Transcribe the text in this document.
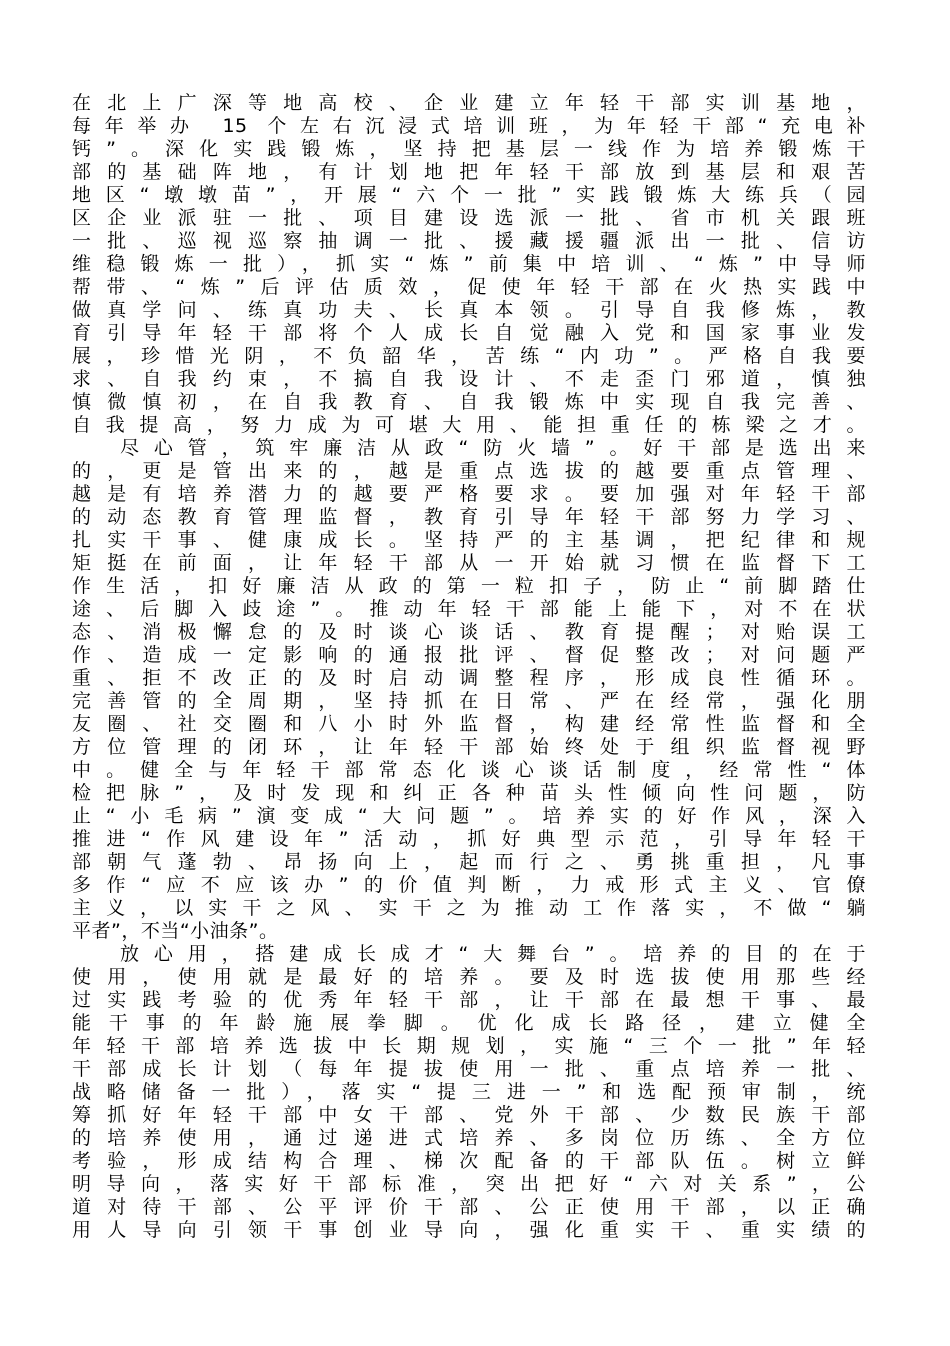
在北上广深等地高校、企业建立年轻干部实训基地，
每年举办 15 个左右沉浸式培训班，为年轻干部“充电补
钙”。深化实践锻炼，坚持把基层一线作为培养锻炼干
部的基础阵地，有计划地把年轻干部放到基层和艰苦
地区“墩墩苗”，开展“六个一批”实践锻炼大练兵（园
区企业派驻一批、项目建设选派一批、省市机关跟班
一批、巡视巡察抽调一批、援藏援疆派出一批、信访
维稳锻炼一批），抓实“炼”前集中培训、“炼”中导师
帮带、“炼”后评估质效，促使年轻干部在火热实践中
做真学问、练真功夫、长真本领。引导自我修炼，教
育引导年轻干部将个人成长自觉融入党和国家事业发
展，珍惜光阴，不负韶华，苦练“内功”。严格自我要
求、自我约束，不搞自我设计、不走歪门邪道，慎独
慎微慎初，在自我教育、自我锻炼中实现自我完善、
自我提高，努力成为可堪大用、能担重任的栋梁之才。
尽心管，筑牢廉洁从政“防火墙”。好干部是选出来
的，更是管出来的，越是重点选拔的越要重点管理、
越是有培养潜力的越要严格要求。要加强对年轻干部
的动态教育管理监督，教育引导年轻干部努力学习、
扎实干事、健康成长。坚持严的主基调，把纪律和规
矩挺在前面，让年轻干部从一开始就习惯在监督下工
作生活，扣好廉洁从政的第一粒扣子，防止“前脚踏仕
途、后脚入歧途”。推动年轻干部能上能下，对不在状
态、消极懈怠的及时谈心谈话、教育提醒；对贻误工
作、造成一定影响的通报批评、督促整改；对问题严
重、拒不改正的及时启动调整程序，形成良性循环。
完善管的全周期，坚持抓在日常、严在经常，强化朋
友圈、社交圈和八小时外监督，构建经常性监督和全
方位管理的闭环，让年轻干部始终处于组织监督视野
中。健全与年轻干部常态化谈心谈话制度，经常性“体
检把脉”，及时发现和纠正各种苗头性倾向性问题，防
止“小毛病”演变成“大问题”。培养实的好作风，深入
推进“作风建设年”活动，抓好典型示范，引导年轻干
部朝气蓬勃、昂扬向上，起而行之、勇挑重担，凡事
多作“应不应该办”的价值判断，力戒形式主义、官僚
主义，以实干之风、实干之为推动工作落实，不做“躺
平者”，不当“小油条”。
放心用，搭建成长成才“大舞台”。培养的目的在于
使用，使用就是最好的培养。要及时选拔使用那些经
过实践考验的优秀年轻干部，让干部在最想干事、最
能干事的年龄施展拳脚。优化成长路径，建立健全
年轻干部培养选拔中长期规划，实施“三个一批”年轻
干部成长计划（每年提拔使用一批、重点培养一批、
战略储备一批），落实“提三进一”和选配预审制，统
筹抓好年轻干部中女干部、党外干部、少数民族干部
的培养使用，通过递进式培养、多岗位历练、全方位
考验，形成结构合理、梯次配备的干部队伍。树立鲜
明导向，落实好干部标准，突出把好“六对关系”，公
道对待干部、公平评价干部、公正使用干部，以正确
用人导向引领干事创业导向，强化重实干、重实绩的
